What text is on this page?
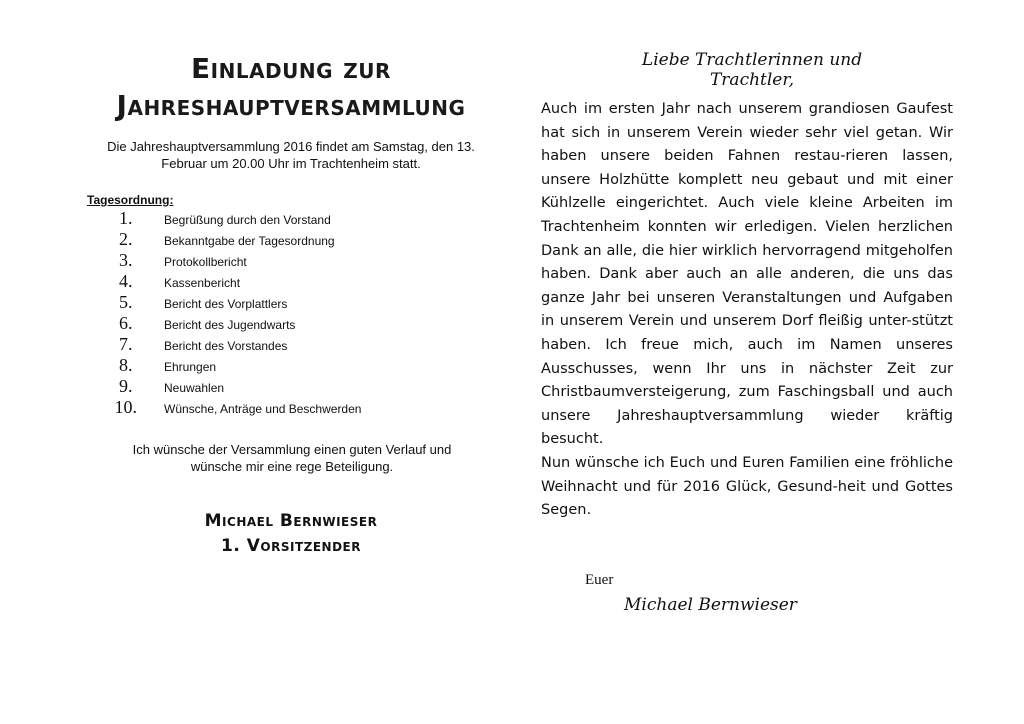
Einladung zur
Jahreshauptversammlung
Die Jahreshauptversammlung 2016 findet am Samstag, den 13. Februar um 20.00 Uhr im Trachtenheim statt.
Tagesordnung:
1.	Begrüßung durch den Vorstand
2.	Bekanntgabe der Tagesordnung
3.	Protokollbericht
4.	Kassenbericht
5.	Bericht des Vorplattlers
6.	Bericht des Jugendwarts
7.	Bericht des Vorstandes
8.	Ehrungen
9.	Neuwahlen
10. Wünsche, Anträge und Beschwerden
Ich wünsche der Versammlung einen guten Verlauf und wünsche mir eine rege Beteiligung.
Michael Bernwieser
1. Vorsitzender
Liebe Trachtlerinnen und Trachtler,

Auch im ersten Jahr nach unserem grandiosen Gaufest hat sich in unserem Verein wieder sehr viel getan. Wir haben unsere beiden Fahnen restau-rieren lassen, unsere Holzhütte komplett neu gebaut und mit einer Kühlzelle eingerichtet. Auch viele kleine Arbeiten im Trachtenheim konnten wir erledigen. Vielen herzlichen Dank an alle, die hier wirklich hervorragend mitgeholfen haben. Dank aber auch an alle anderen, die uns das ganze Jahr bei unseren Veranstaltungen und Aufgaben in unserem Verein und unserem Dorf fleißig unter-stützt haben. Ich freue mich, auch im Namen unseres Ausschusses, wenn Ihr uns in nächster Zeit zur Christbaumversteigerung, zum Faschingsball und auch unsere Jahreshauptversammlung wieder kräftig besucht.

Nun wünsche ich Euch und Euren Familien eine fröhliche Weihnacht und für 2016 Glück, Gesund-heit und Gottes Segen.

Euer
Michael Bernwieser
